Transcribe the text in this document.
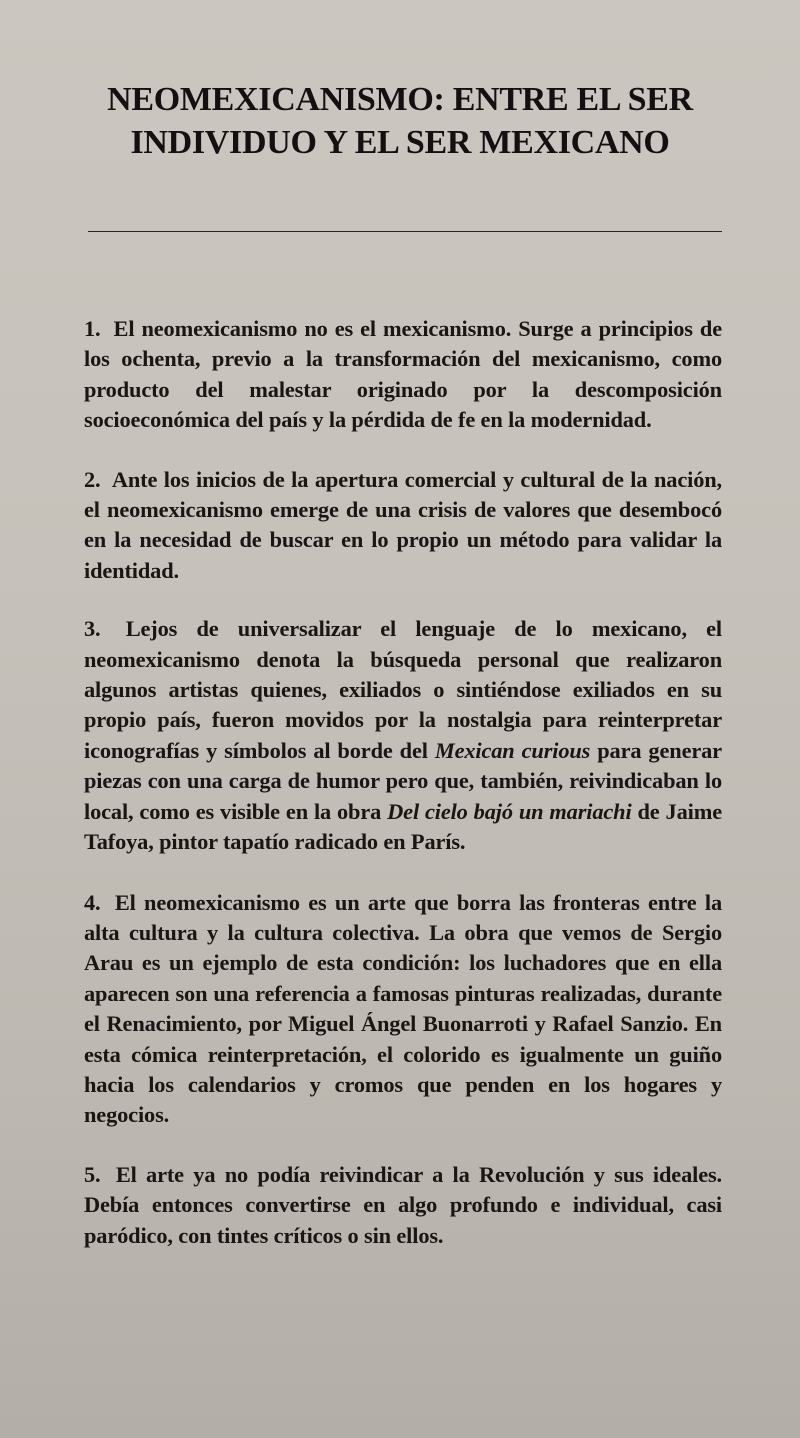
NEOMEXICANISMO: ENTRE EL SER
INDIVIDUO Y EL SER MEXICANO

1. El neomexicanismo no es el mexicanismo. Surge a principios de los ochenta, previo a la transformación del mexicanismo, como producto del malestar originado por la descomposición socioeconómica del país y la pérdida de fe en la modernidad.

2. Ante los inicios de la apertura comercial y cultural de la nación, el neomexicanismo emerge de una crisis de valores que desembocó en la necesidad de buscar en lo propio un método para validar la identidad.

3. Lejos de universalizar el lenguaje de lo mexicano, el neomexicanismo denota la búsqueda personal que realizaron algunos artistas quienes, exiliados o sintiéndose exiliados en su propio país, fueron movidos por la nostalgia para reinterpretar iconografías y símbolos al borde del Mexican curious para generar piezas con una carga de humor pero que, también, reivindicaban lo local, como es visible en la obra Del cielo bajó un mariachi de Jaime Tafoya, pintor tapatío radicado en París.

4. El neomexicanismo es un arte que borra las fronteras entre la alta cultura y la cultura colectiva. La obra que vemos de Sergio Arau es un ejemplo de esta condición: los luchadores que en ella aparecen son una referencia a famosas pinturas realizadas, durante el Renacimiento, por Miguel Ángel Buonarroti y Rafael Sanzio. En esta cómica reinterpretación, el colorido es igualmente un guiño hacia los calendarios y cromos que penden en los hogares y negocios.

5. El arte ya no podía reivindicar a la Revolución y sus ideales. Debía entonces convertirse en algo profundo e individual, casi paródico, con tintes críticos o sin ellos.
